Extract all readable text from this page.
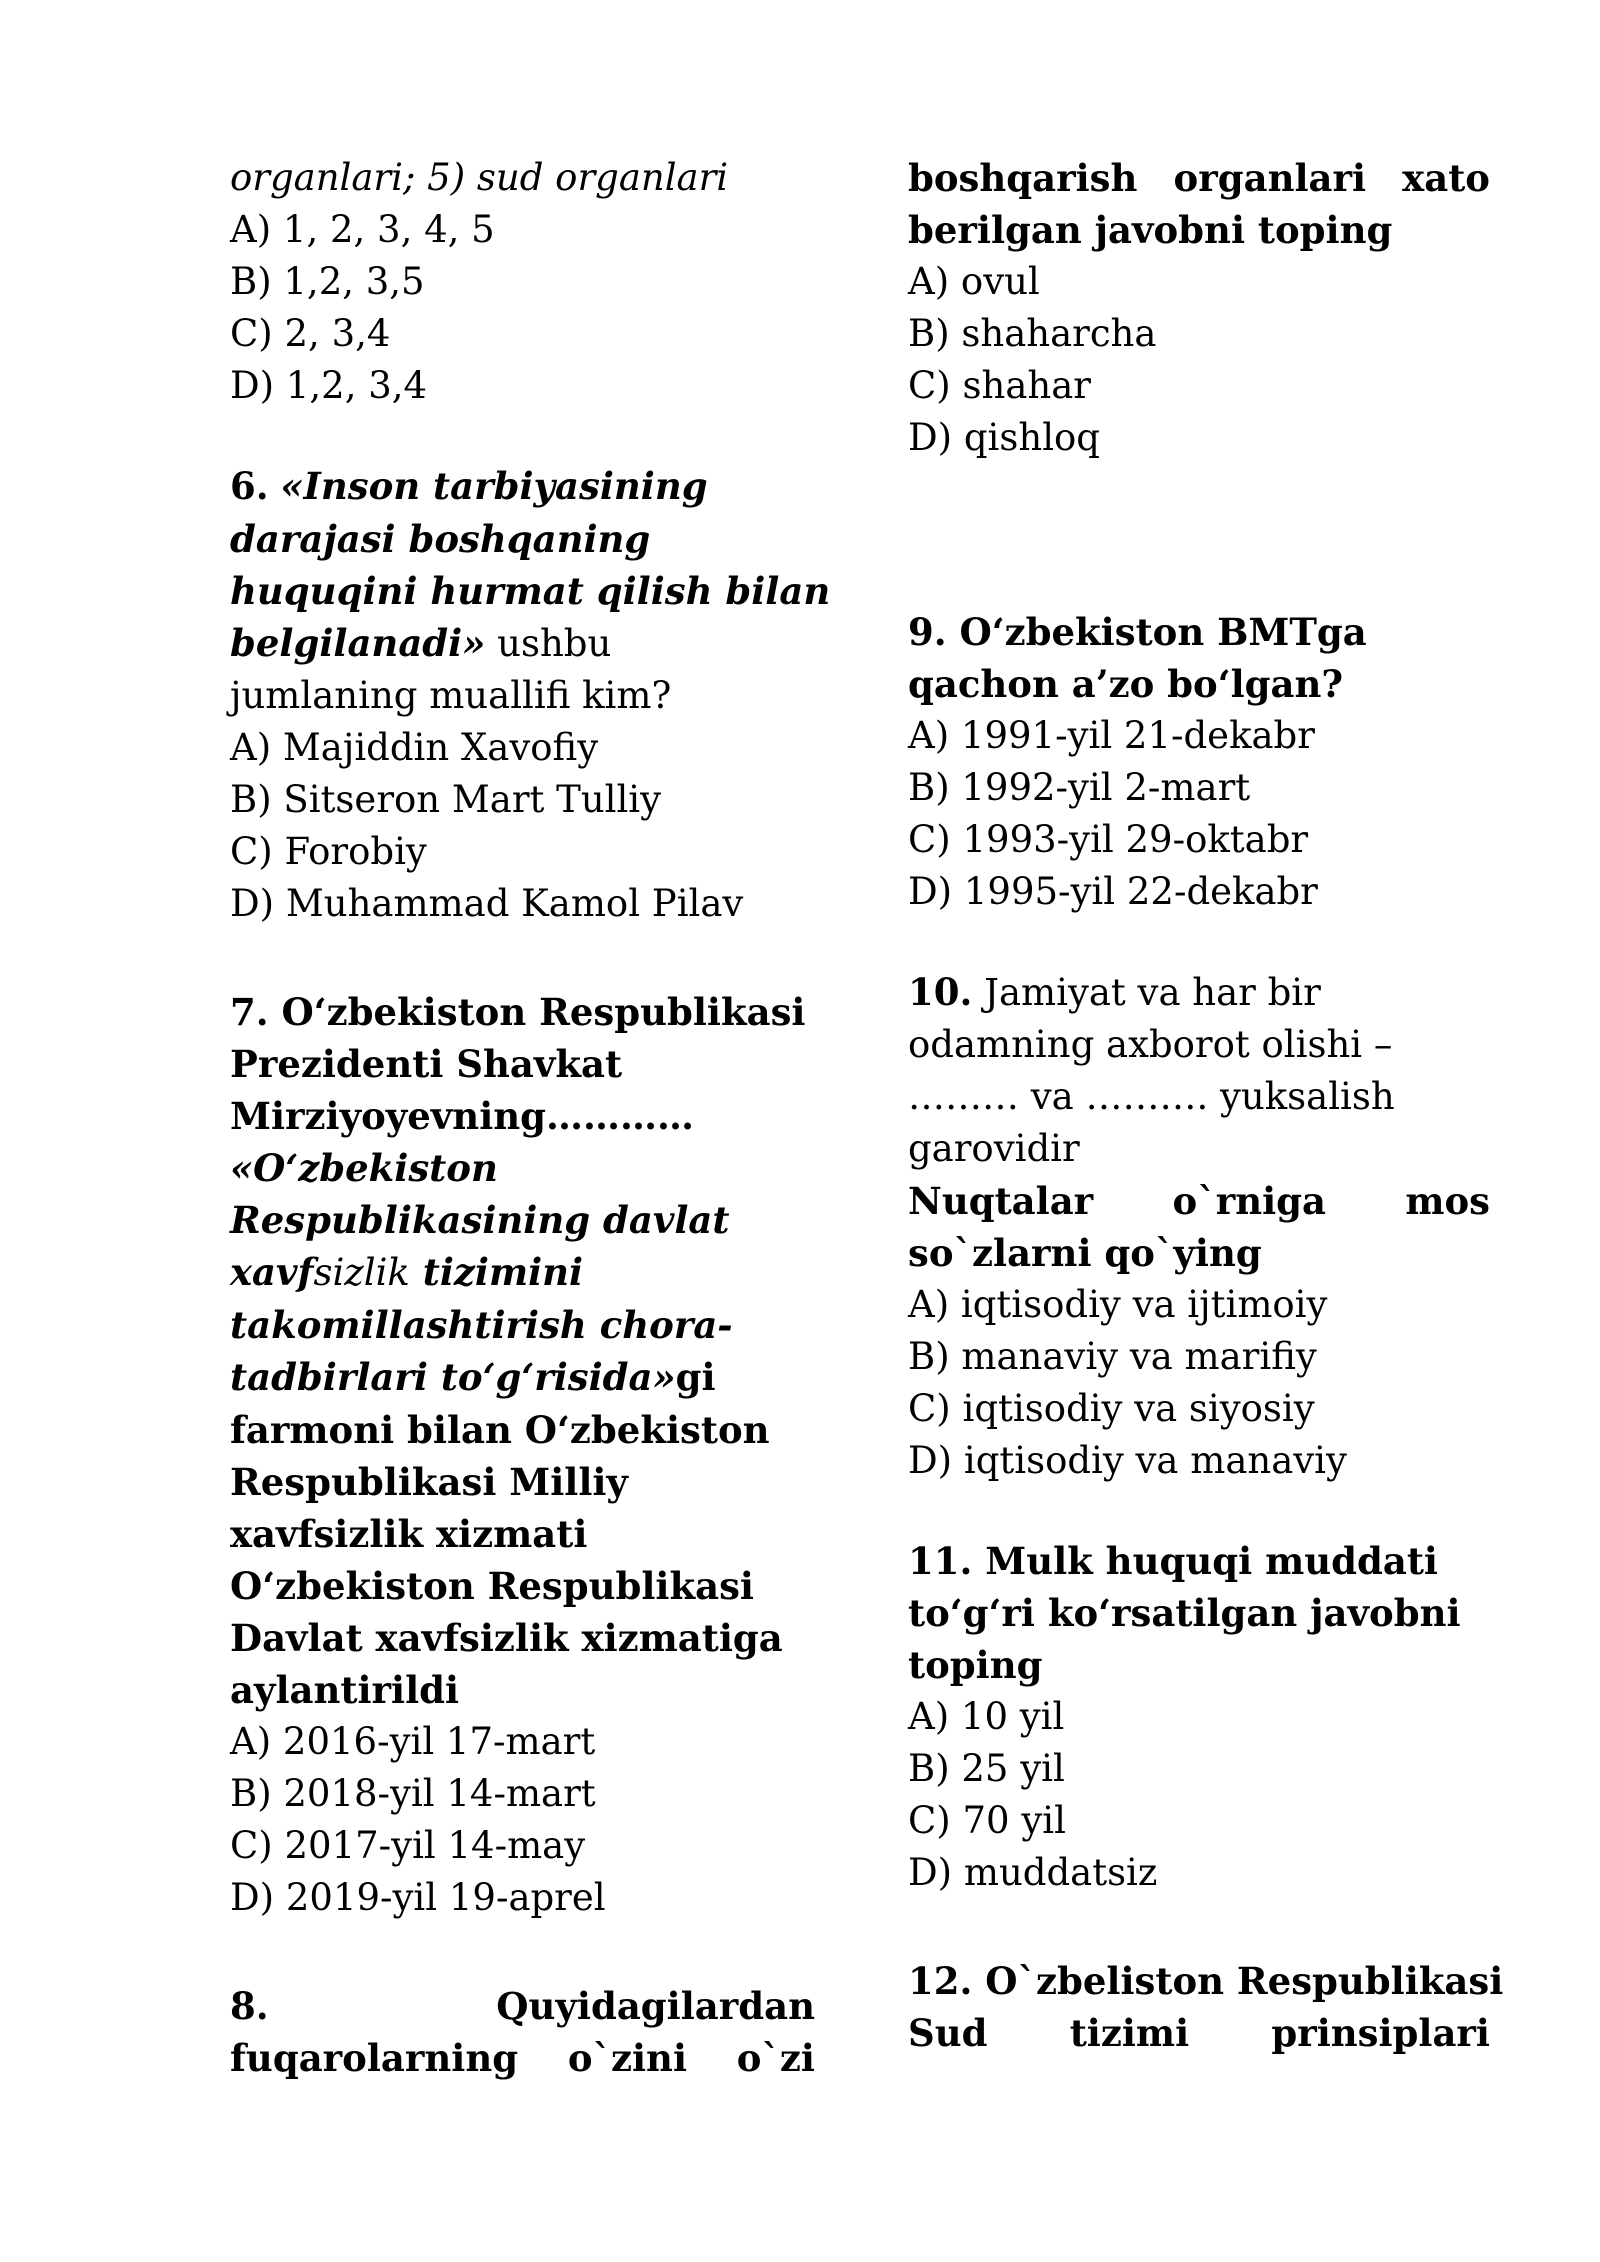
organlari; 5) sud organlari
A) 1, 2, 3, 4, 5
B) 1,2, 3,5
C) 2, 3,4
D) 1,2, 3,4
6. «Inson tarbiyasining
darajasi boshqaning
huquqini hurmat qilish bilan
belgilanadi» ushbu
jumlaning muallifi kim?
A) Majiddin Xavofiy
B) Sitseron Mart Tulliy
C) Forobiy
D) Muhammad Kamol Pilav
7. O‘zbekiston Respublikasi
Prezidenti Shavkat
Mirziyoyevning…………
«O‘zbekiston
Respublikasining davlat
xavfsizlik tizimini
takomillashtirish chora-
tadbirlari to‘g‘risida»gi
farmoni bilan O‘zbekiston
Respublikasi Milliy
xavfsizlik xizmati
O‘zbekiston Respublikasi
Davlat xavfsizlik xizmatiga
aylantirildi
A) 2016-yil 17-mart
B) 2018-yil 14-mart
C) 2017-yil 14-may
D) 2019-yil 19-aprel
8.	Quyidagilardan
fuqarolarning o`zini o`zi
boshqarish organlari xato
berilgan javobni toping
A) ovul
B) shaharcha
C) shahar
D) qishloq
9. O‘zbekiston BMTga
qachon a’zo bo‘lgan?
A) 1991-yil 21-dekabr
B) 1992-yil 2-mart
C) 1993-yil 29-oktabr
D) 1995-yil 22-dekabr
10. Jamiyat va har bir
odamning axborot olishi –
……… va ………. yuksalish
garovidir
Nuqtalar o`rniga mos
so`zlarni qo`ying
A) iqtisodiy va ijtimoiy
B) manaviy va marifiy
C) iqtisodiy va siyosiy
D) iqtisodiy va manaviy
11. Mulk huquqi muddati
to‘g‘ri ko‘rsatilgan javobni
toping
A) 10 yil
B) 25 yil
C) 70 yil
D) muddatsiz
12. O`zbeliston Respublikasi
Sud tizimi prinsiplari
